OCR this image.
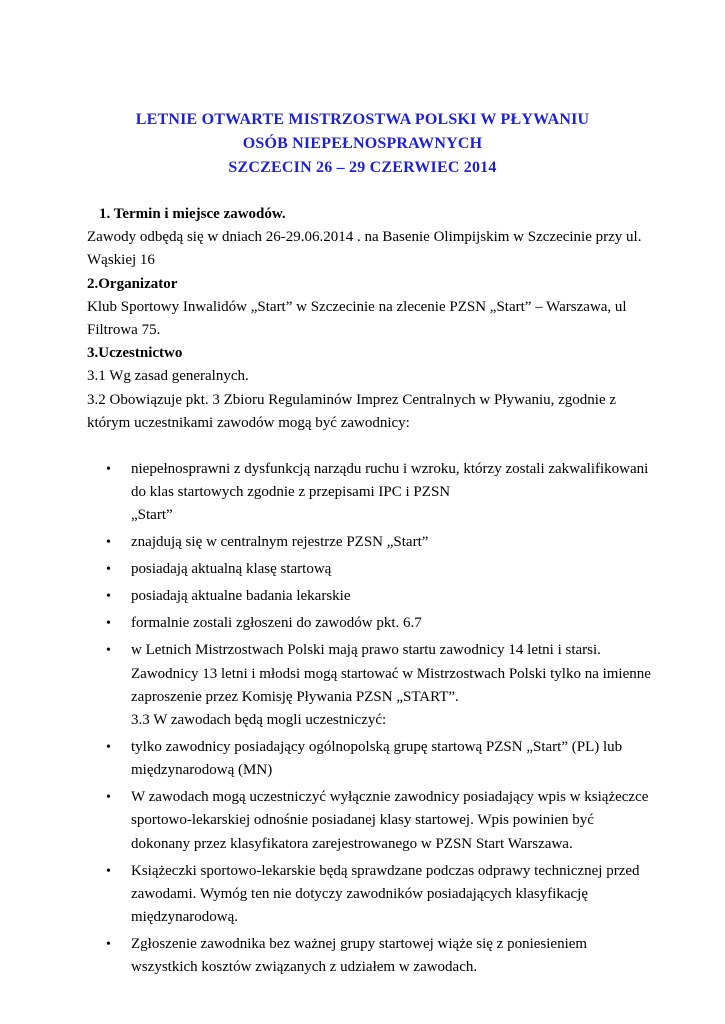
LETNIE OTWARTE MISTRZOSTWA POLSKI W PŁYWANIU
OSÓB NIEPEŁNOSPRAWNYCH
SZCZECIN 26 – 29 CZERWIEC 2014

1. Termin i miejsce zawodów.

Zawody odbędą się w dniach 26-29.06.2014 . na Basenie Olimpijskim w Szczecinie przy ul.

Wąskiej 16

2.Organizator

Klub Sportowy Inwalidów „Start” w Szczecinie na zlecenie PZSN „Start” – Warszawa, ul

Filtrowa 75.

3.Uczestnictwo

3.1 Wg zasad generalnych.

3.2 Obowiązuje pkt. 3 Zbioru Regulaminów Imprez Centralnych w Pływaniu, zgodnie z

którym uczestnikami zawodów mogą być zawodnicy:

• niepełnosprawni z dysfunkcją narządu ruchu i wzroku, którzy zostali zakwalifikowani
do klas startowych zgodnie z przepisami IPC i PZSN
„Start”
• znajdują się w centralnym rejestrze PZSN „Start”
• posiadają aktualną klasę startową
• posiadają aktualne badania lekarskie
• formalnie zostali zgłoszeni do zawodów pkt. 6.7
• w Letnich Mistrzostwach Polski mają prawo startu zawodnicy 14 letni i starsi.
Zawodnicy 13 letni i młodsi mogą startować w Mistrzostwach Polski tylko na imienne
zaproszenie przez Komisję Pływania PZSN „START”.
3.3 W zawodach będą mogli uczestniczyć:
• tylko zawodnicy posiadający ogólnopolską grupę startową PZSN „Start” (PL) lub
międzynarodową (MN)
• W zawodach mogą uczestniczyć wyłącznie zawodnicy posiadający wpis w książeczce
sportowo-lekarskiej odnośnie posiadanej klasy startowej. Wpis powinien być
dokonany przez klasyfikatora zarejestrowanego w PZSN Start Warszawa.
• Książeczki sportowo-lekarskie będą sprawdzane podczas odprawy technicznej przed
zawodami. Wymóg ten nie dotyczy zawodników posiadających klasyfikację
międzynarodową.
• Zgłoszenie zawodnika bez ważnej grupy startowej wiąże się z poniesieniem
wszystkich kosztów związanych z udziałem w zawodach.
